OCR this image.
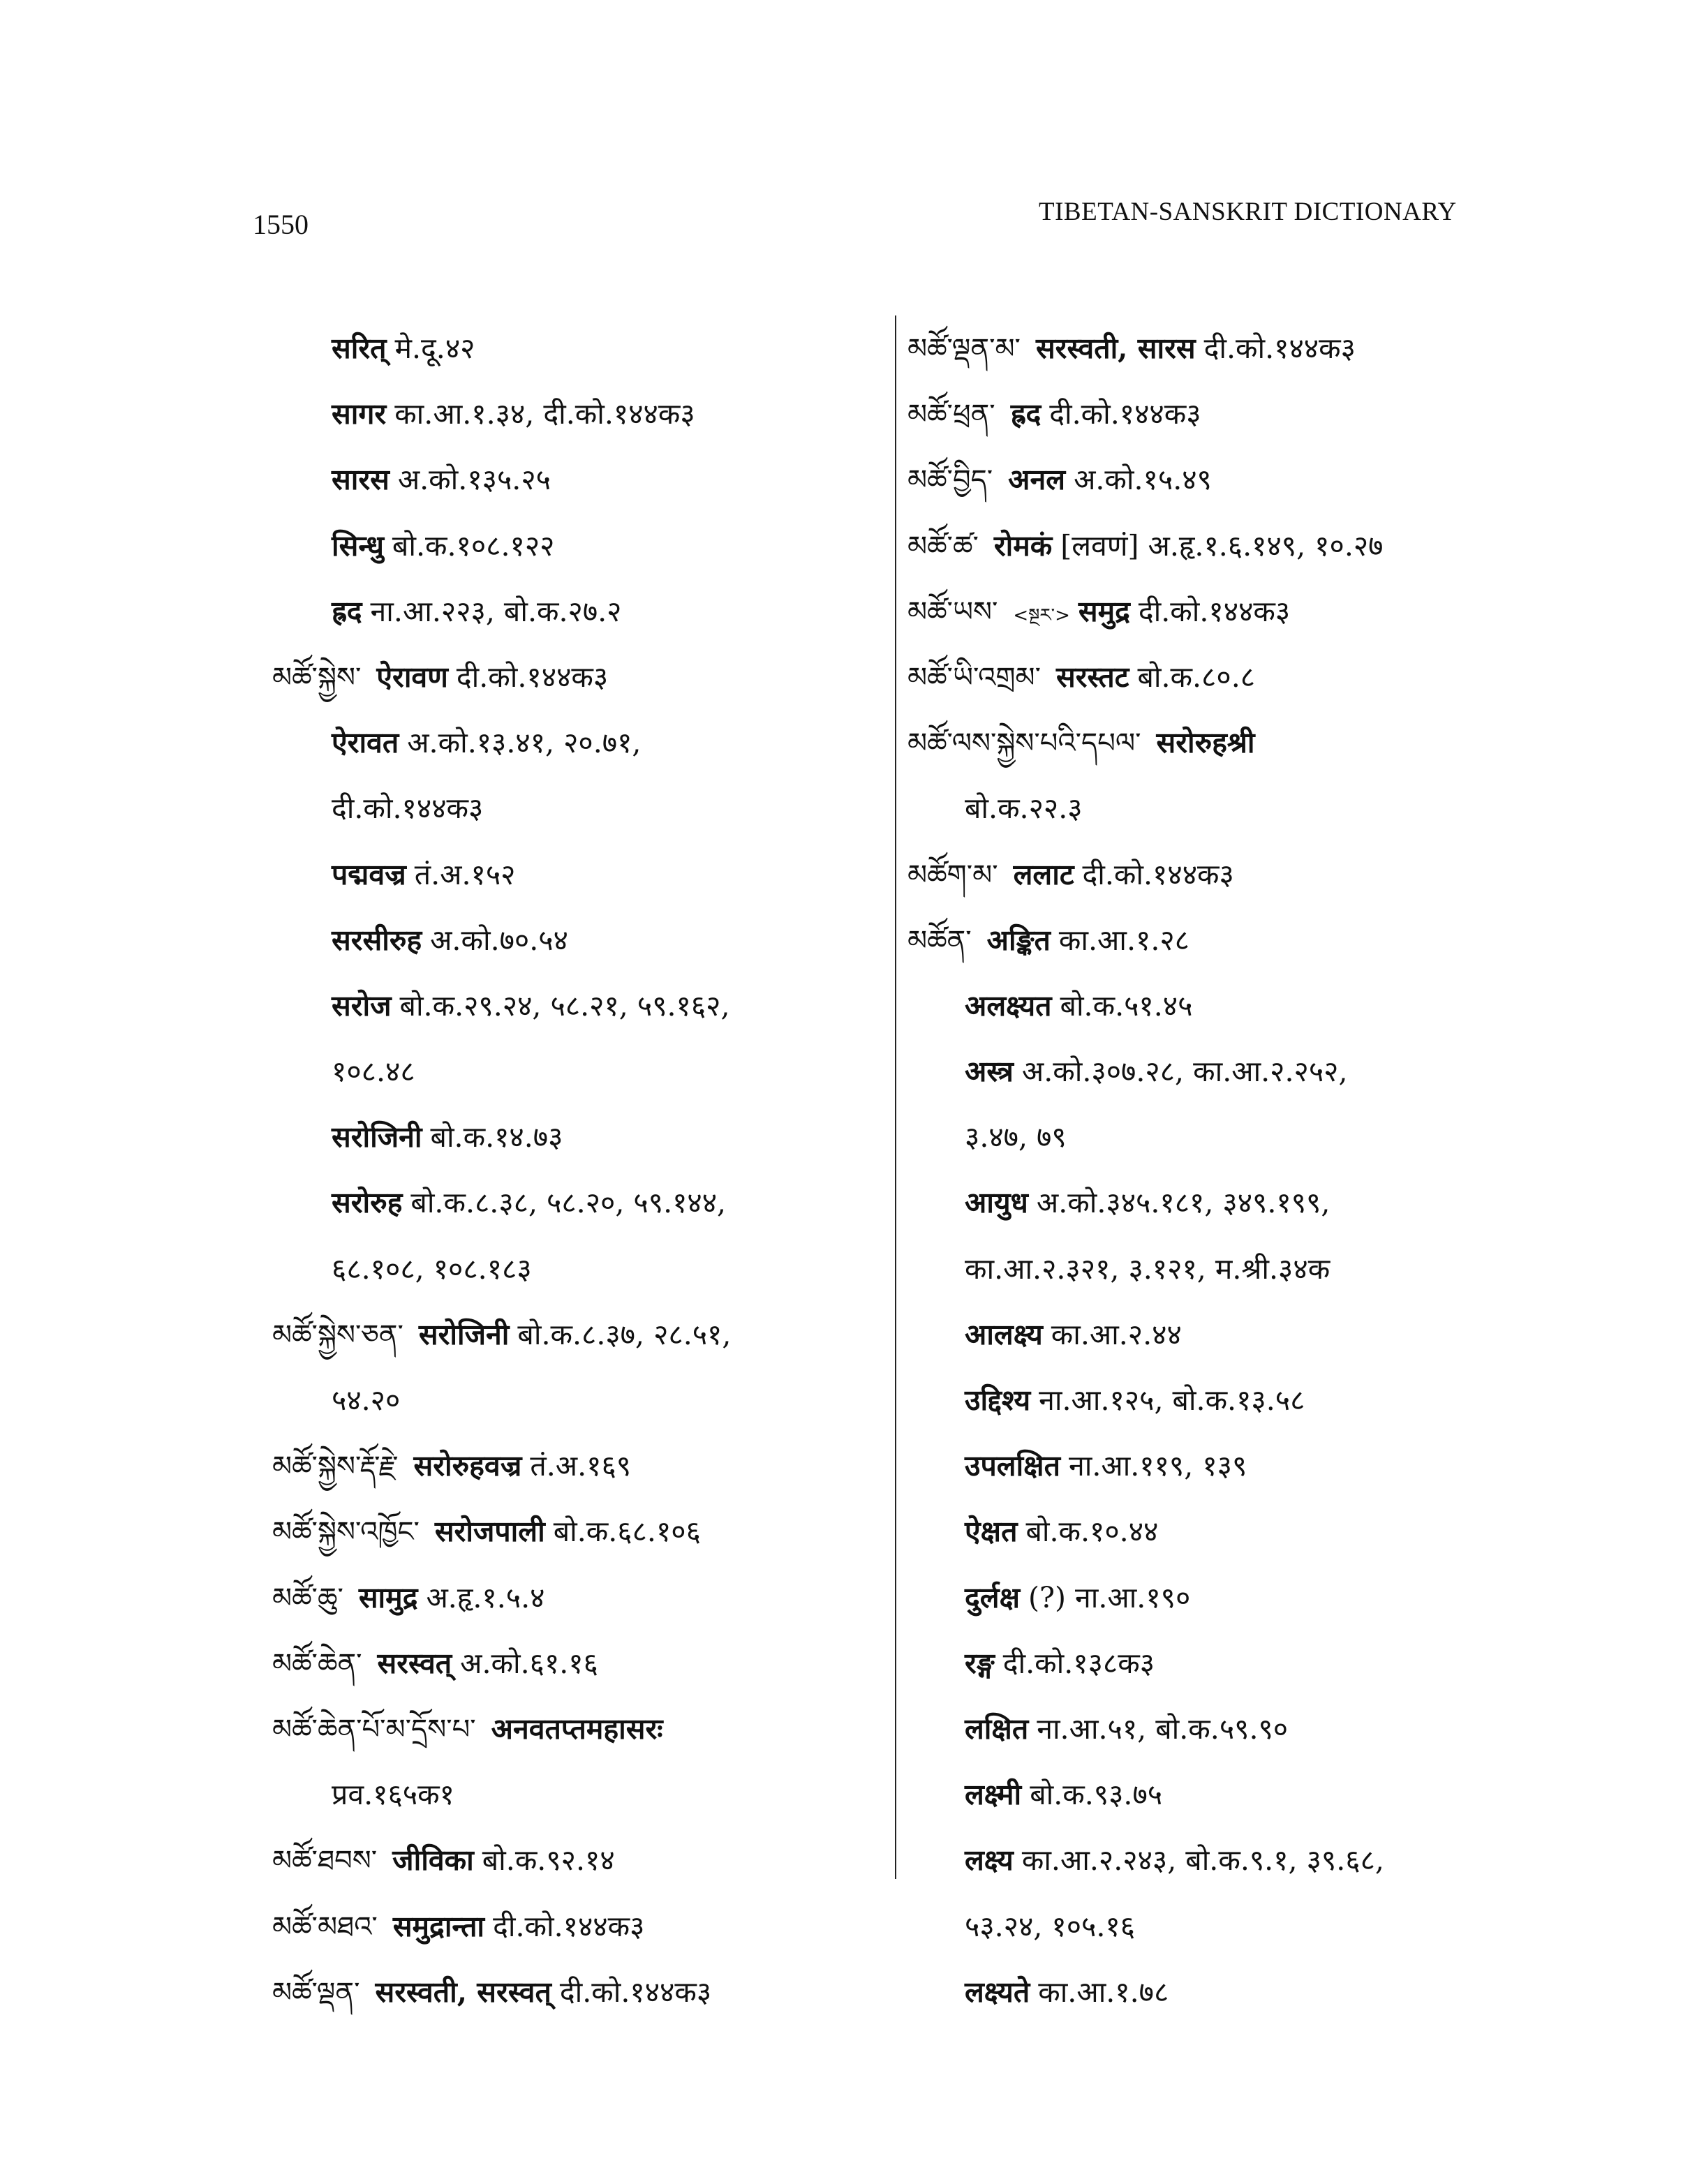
1550	TIBETAN-SANSKRIT DICTIONARY
सरित् मे.दू.४२
सागर का.आ.१.३४, दी.को.१४४क३
सारस अ.को.१३५.२५
सिन्धु बो.क.१०८.१२२
ह्रद ना.आ.२२३, बो.क.२७.२
མཚོ་སྐྱེས་ ऐरावण दी.को.१४४क३
ऐरावत अ.को.१३.४१, २०.७१,
दी.को.१४४क३
पद्मवज्र तं.अ.१५२
सरसीरुह अ.को.७०.५४
सरोज बो.क.२९.२४, ५८.२१, ५९.१६२,
१०८.४८
सरोजिनी बो.क.१४.७३
सरोरुह बो.क.८.३८, ५८.२०, ५९.१४४,
६८.१०८, १०८.१८३
མཚོ་སྐྱེས་ཅན་ सरोजिनी बो.क.८.३७, २८.५१,
५४.२०
མཚོ་སྐྱེས་རྡོ་རྗེ་ सरोरुहवज्र तं.अ.१६९
མཚོ་སྐྱེས་འཁྱོང་ सरोजपाली बो.क.६८.१०६
མཚོ་ཆུ་ सामुद्र अ.हृ.१.५.४
མཚོ་ཆེན་ सरस्वत् अ.को.६१.१६
མཚོ་ཆེན་པོ་མ་དྲོས་པ་ अनवतप्तमहासरः
प्रव.१६५क१
མཚོ་ཐབས་ जीविका बो.क.९२.१४
མཚོ་མཐའ་ समुद्रान्ता दी.को.१४४क३
མཚོ་ལྡན་ सरस्वती, सरस्वत् दी.को.१४४क३
མཚོ་ལྡན་མ་ सरस्वती, सारस दी.को.१४४क३
མཚོ་ཕྲན་ ह्रद दी.को.१४४क३
མཚོ་བྱིད་ अनल अ.को.१५.४९
མཚོ་ཚ་ रोमकं [लवणं] अ.हृ.१.६.१४९, १०.२७
མཚོ་ཡས་ <སྔར་> समुद्र दी.को.१४४क३
མཚོ་ཡི་འགྲམ་ सरस्तट बो.क.८०.८
མཚོ་ལས་སྐྱེས་པའི་དཔལ་ सरोरुहश्री
बो.क.२२.३
མཚོག་མ་ ललाट दी.को.१४४क३
མཚོན་ अङ्कित का.आ.१.२८
अलक्ष्यत बो.क.५१.४५
अस्त्र अ.को.३०७.२८, का.आ.२.२५२,
३.४७, ७९
आयुध अ.को.३४५.१८१, ३४९.१९९,
का.आ.२.३२१, ३.१२१, म.श्री.३४क
आलक्ष्य का.आ.२.४४
उद्दिश्य ना.आ.१२५, बो.क.१३.५८
उपलक्षित ना.आ.११९, १३९
ऐक्षत बो.क.१०.४४
दुर्लक्ष (?) ना.आ.१९०
रङ्ग दी.को.१३८क३
लक्षित ना.आ.५१, बो.क.५९.९०
लक्ष्मी बो.क.९३.७५
लक्ष्य का.आ.२.२४३, बो.क.९.१, ३९.६८,
५३.२४, १०५.१६
लक्ष्यते का.आ.१.७८
